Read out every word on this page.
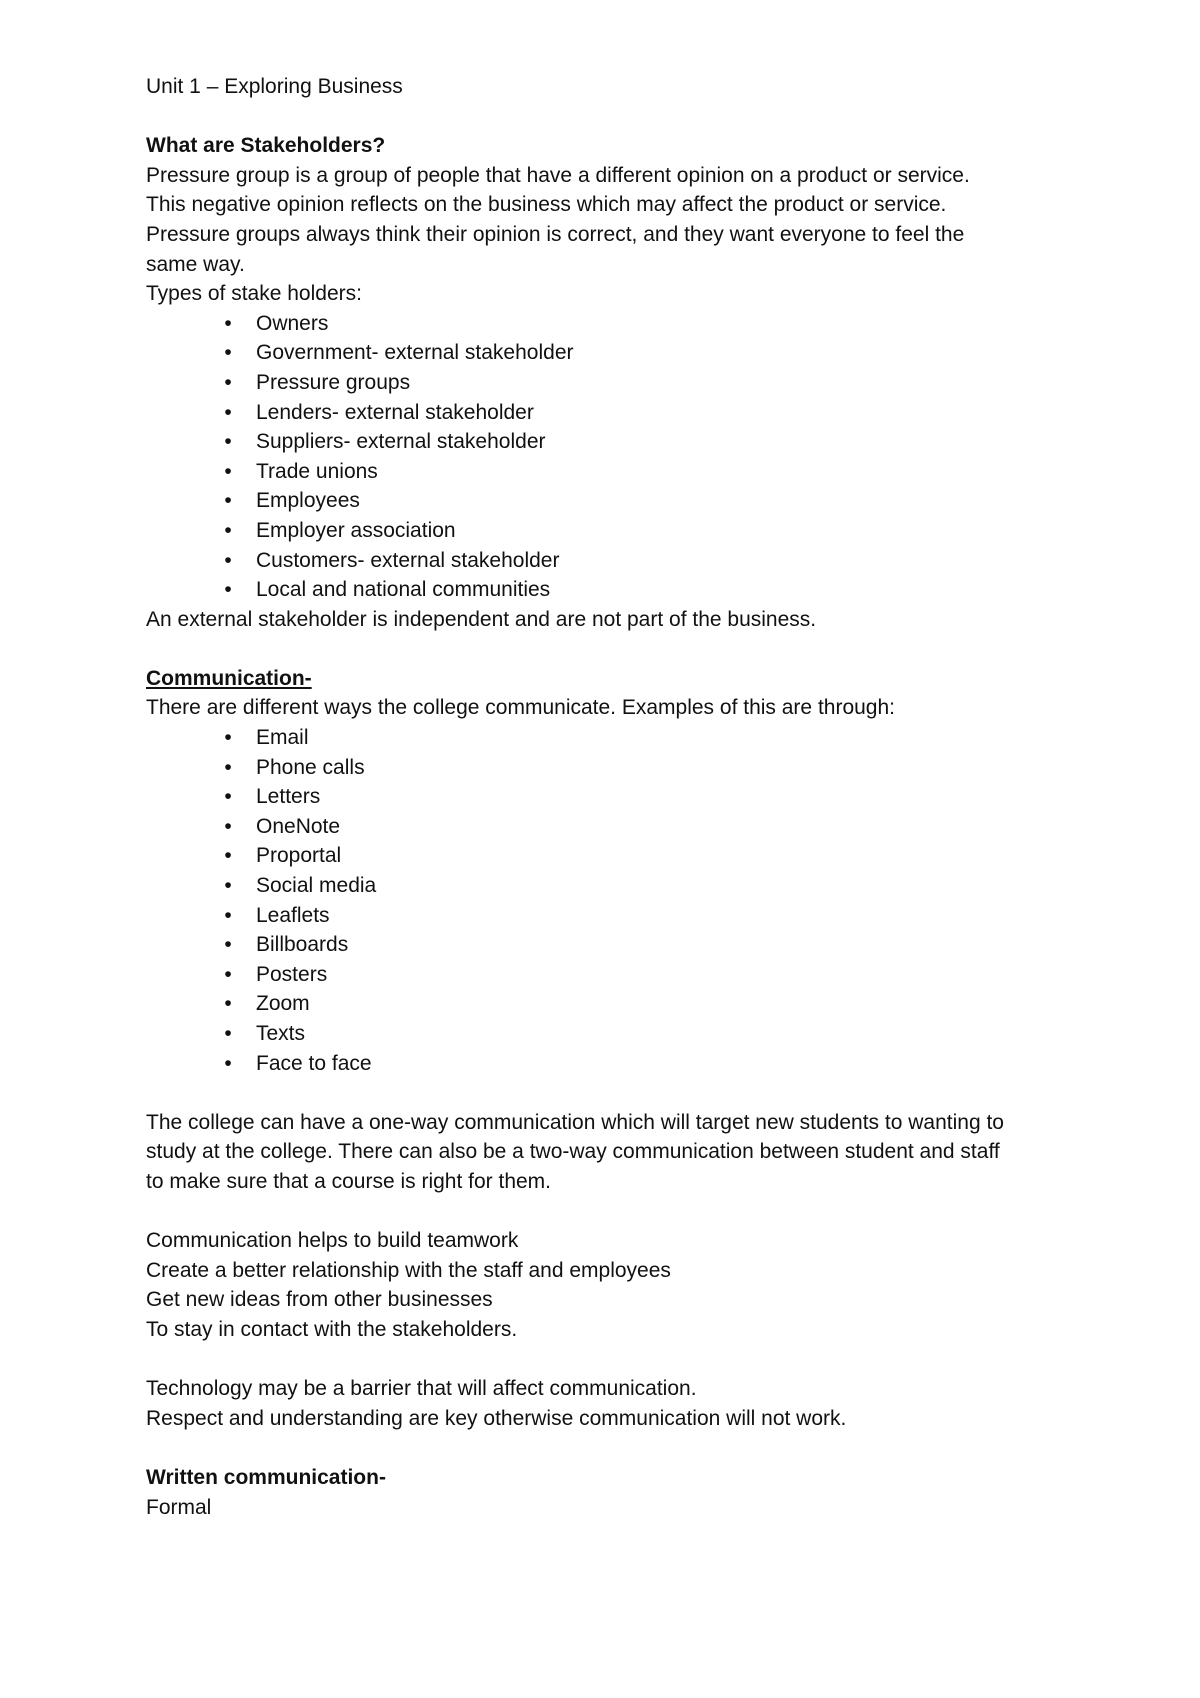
Unit 1 – Exploring Business
What are Stakeholders?
Pressure group is a group of people that have a different opinion on a product or service.
This negative opinion reflects on the business which may affect the product or service.
Pressure groups always think their opinion is correct, and they want everyone to feel the
same way.
Types of stake holders:
•	Owners
•	Government- external stakeholder
•	Pressure groups
•	Lenders- external stakeholder
•	Suppliers- external stakeholder
•	Trade unions
•	Employees
•	Employer association
•	Customers- external stakeholder
•	Local and national communities
An external stakeholder is independent and are not part of the business.
Communication-
There are different ways the college communicate. Examples of this are through:
•	Email
•	Phone calls
•	Letters
•	OneNote
•	Proportal
•	Social media
•	Leaflets
•	Billboards
•	Posters
•	Zoom
•	Texts
•	Face to face
The college can have a one-way communication which will target new students to wanting to
study at the college. There can also be a two-way communication between student and staff
to make sure that a course is right for them.
Communication helps to build teamwork
Create a better relationship with the staff and employees
Get new ideas from other businesses
To stay in contact with the stakeholders.
Technology may be a barrier that will affect communication.
Respect and understanding are key otherwise communication will not work.
Written communication-
Formal
